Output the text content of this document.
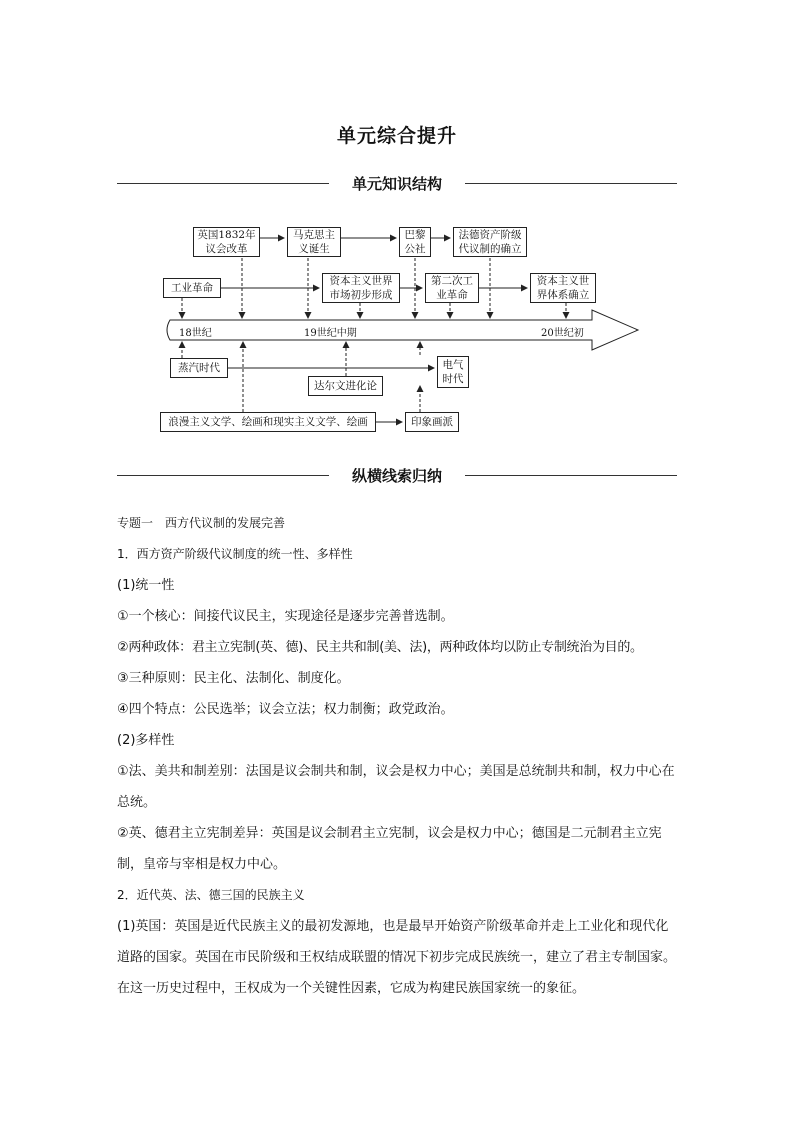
单元综合提升
单元知识结构
英国1832年议会改革
马克思主义诞生
巴黎公社
法德资产阶级代议制的确立
工业革命
资本主义世界市场初步形成
第二次工业革命
资本主义世界体系确立
18世纪	19世纪中期	20世纪初
蒸汽时代	电气时代
达尔文进化论
浪漫主义文学、绘画和现实主义文学、绘画	印象画派
纵横线索归纳

专题一　西方代议制的发展完善

1．西方资产阶级代议制度的统一性、多样性

(1)统一性

①一个核心：间接代议民主，实现途径是逐步完善普选制。

②两种政体：君主立宪制(英、德)、民主共和制(美、法)，两种政体均以防止专制统治为目的。

③三种原则：民主化、法制化、制度化。

④四个特点：公民选举；议会立法；权力制衡；政党政治。

(2)多样性

①法、美共和制差别：法国是议会制共和制，议会是权力中心；美国是总统制共和制，权力中心在总统。

②英、德君主立宪制差异：英国是议会制君主立宪制，议会是权力中心；德国是二元制君主立宪制，皇帝与宰相是权力中心。

2．近代英、法、德三国的民族主义

(1)英国：英国是近代民族主义的最初发源地，也是最早开始资产阶级革命并走上工业化和现代化道路的国家。英国在市民阶级和王权结成联盟的情况下初步完成民族统一，建立了君主专制国家。在这一历史过程中，王权成为一个关键性因素，它成为构建民族国家统一的象征。
